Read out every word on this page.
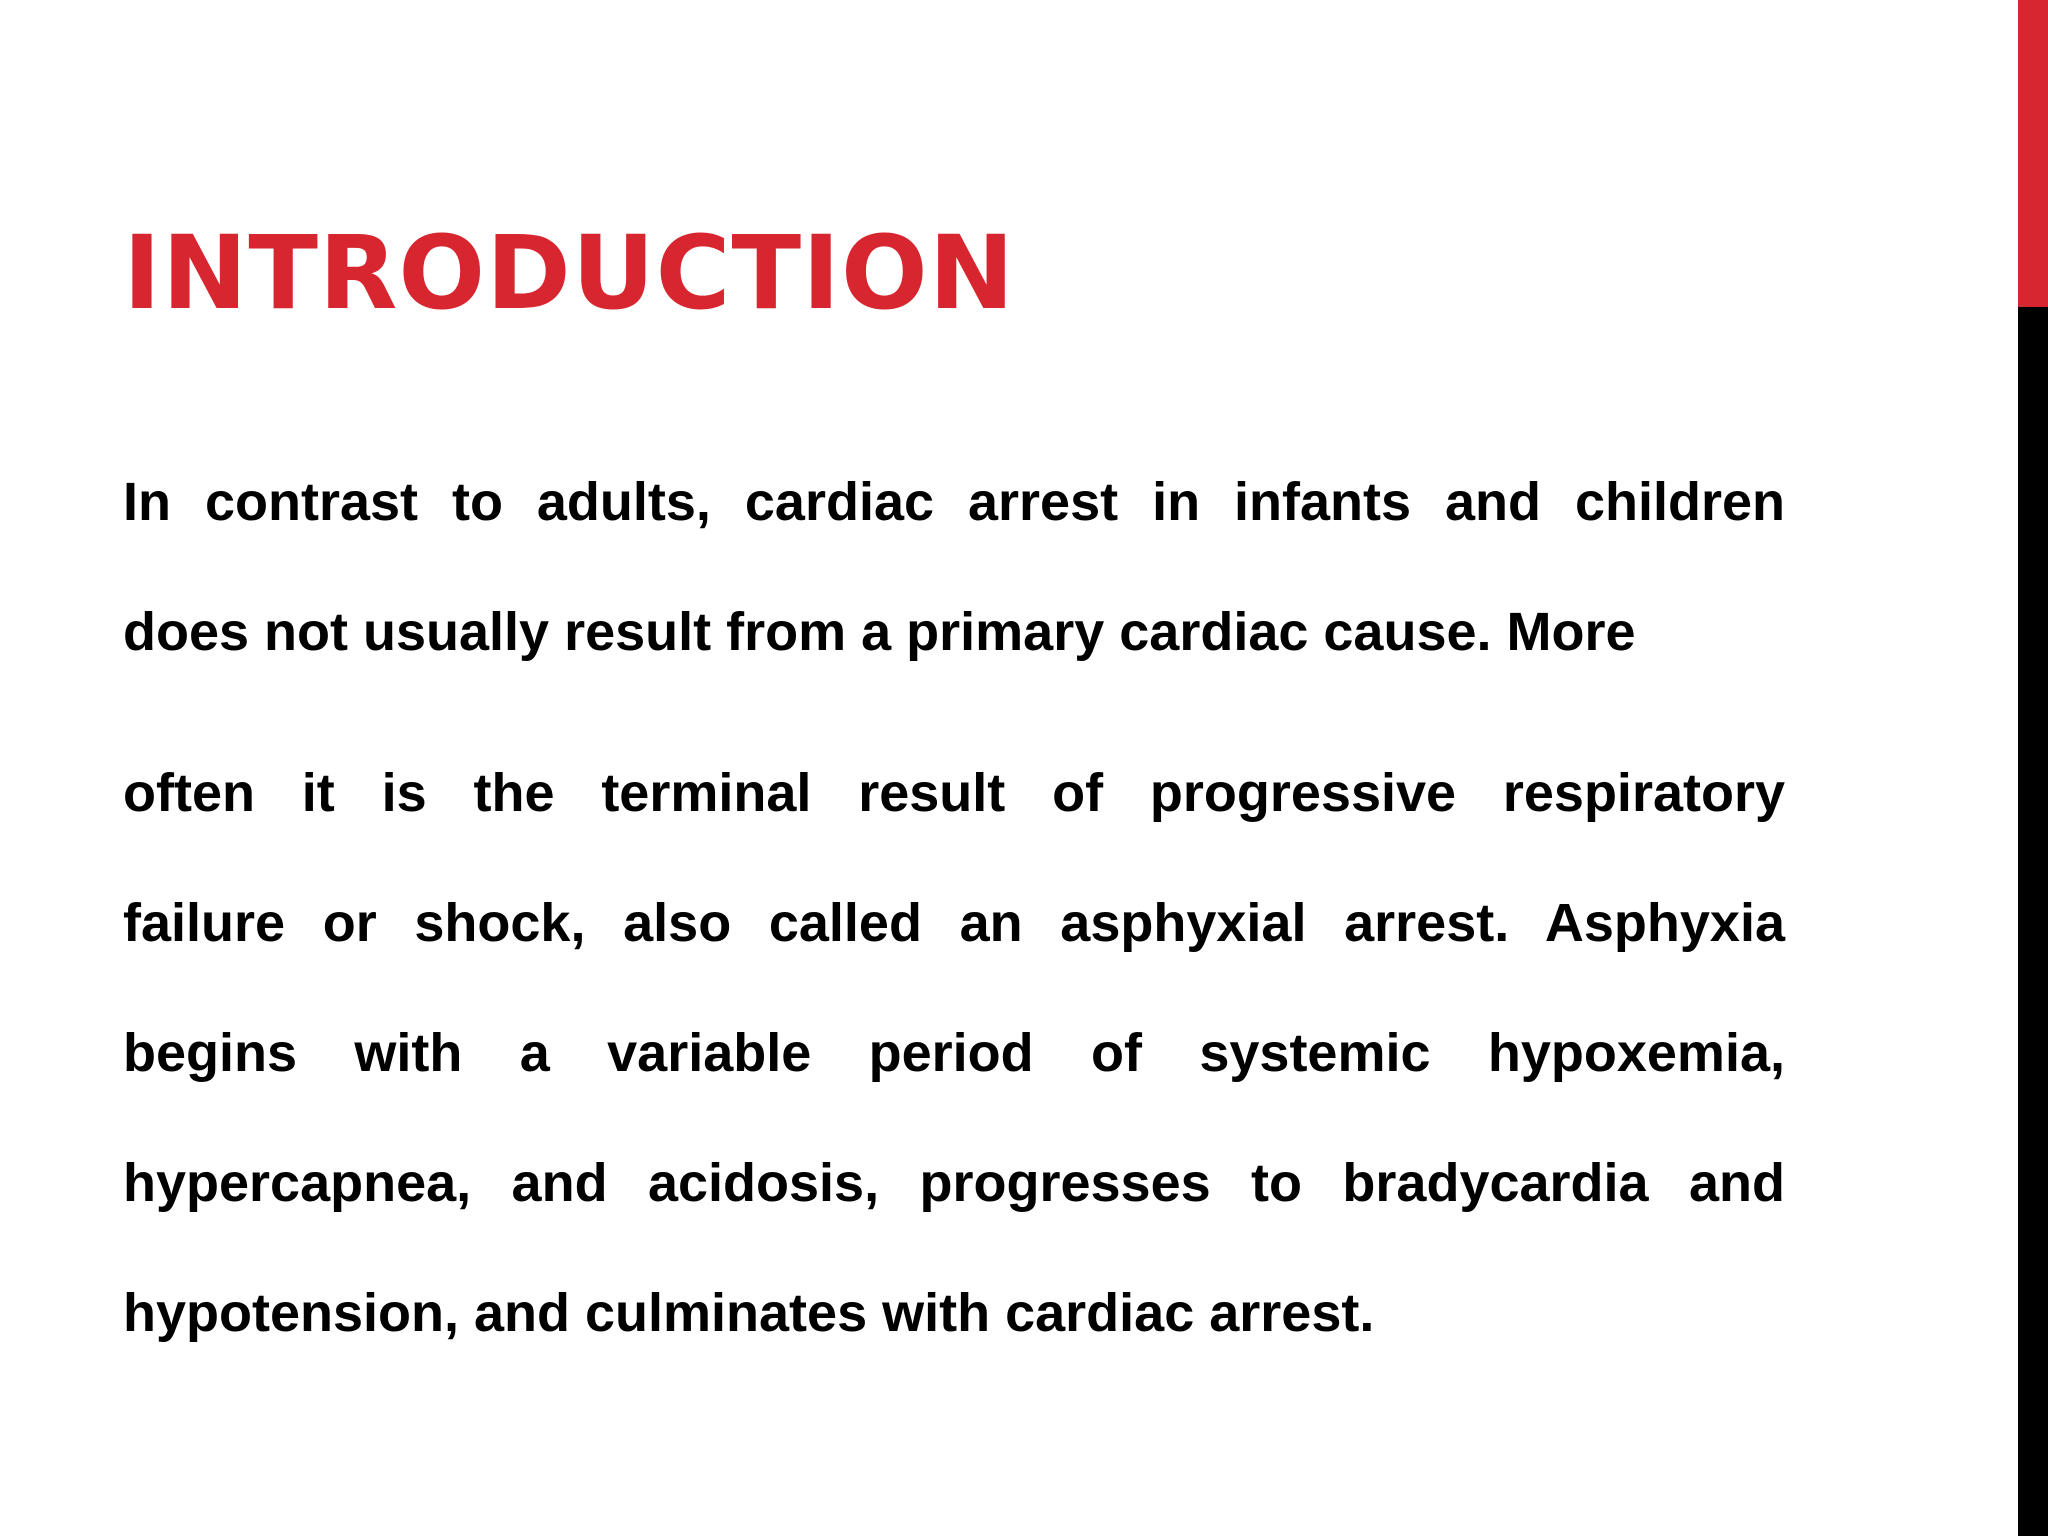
INTRODUCTION
In contrast to adults, cardiac arrest in infants and children
does not usually result from a primary cardiac cause. More
often it is the terminal result of progressive respiratory
failure or shock, also called an asphyxial arrest. Asphyxia
begins with a variable period of systemic hypoxemia,
hypercapnea, and acidosis, progresses to bradycardia and
hypotension, and culminates with cardiac arrest.
